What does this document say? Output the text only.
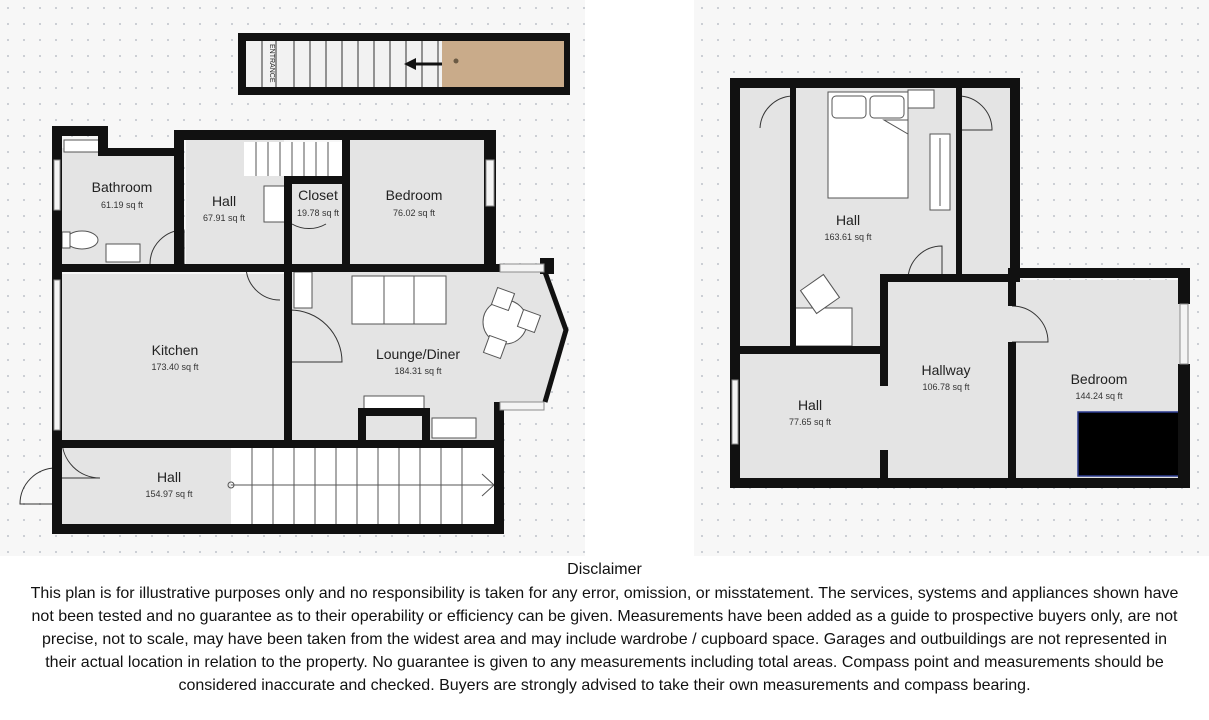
ENTRANCE
Bathroom
61.19 sq ft	Hall
67.91 sq ft
Closet
19.78 sq ft
Bedroom
76.02 sq ft
Kitchen
173.40 sq ft
Lounge/Diner
184.31 sq ft
Hall
154.97 sq ft
Hall
163.61 sq ft
Hallway
106.78 sq ft	Bedroom
144.24 sq ft
Hall
77.65 sq ft

Disclaimer

This plan is for illustrative purposes only and no responsibility is taken for any error, omission, or misstatement. The services, systems and appliances shown have not been tested and no guarantee as to their operability or efficiency can be given. Measurements have been added as a guide to prospective buyers only, are not precise, not to scale, may have been taken from the widest area and may include wardrobe / cupboard space. Garages and outbuildings are not represented in their actual location in relation to the property. No guarantee is given to any measurements including total areas. Compass point and measurements should be considered inaccurate and checked. Buyers are strongly advised to take their own measurements and compass bearing.
